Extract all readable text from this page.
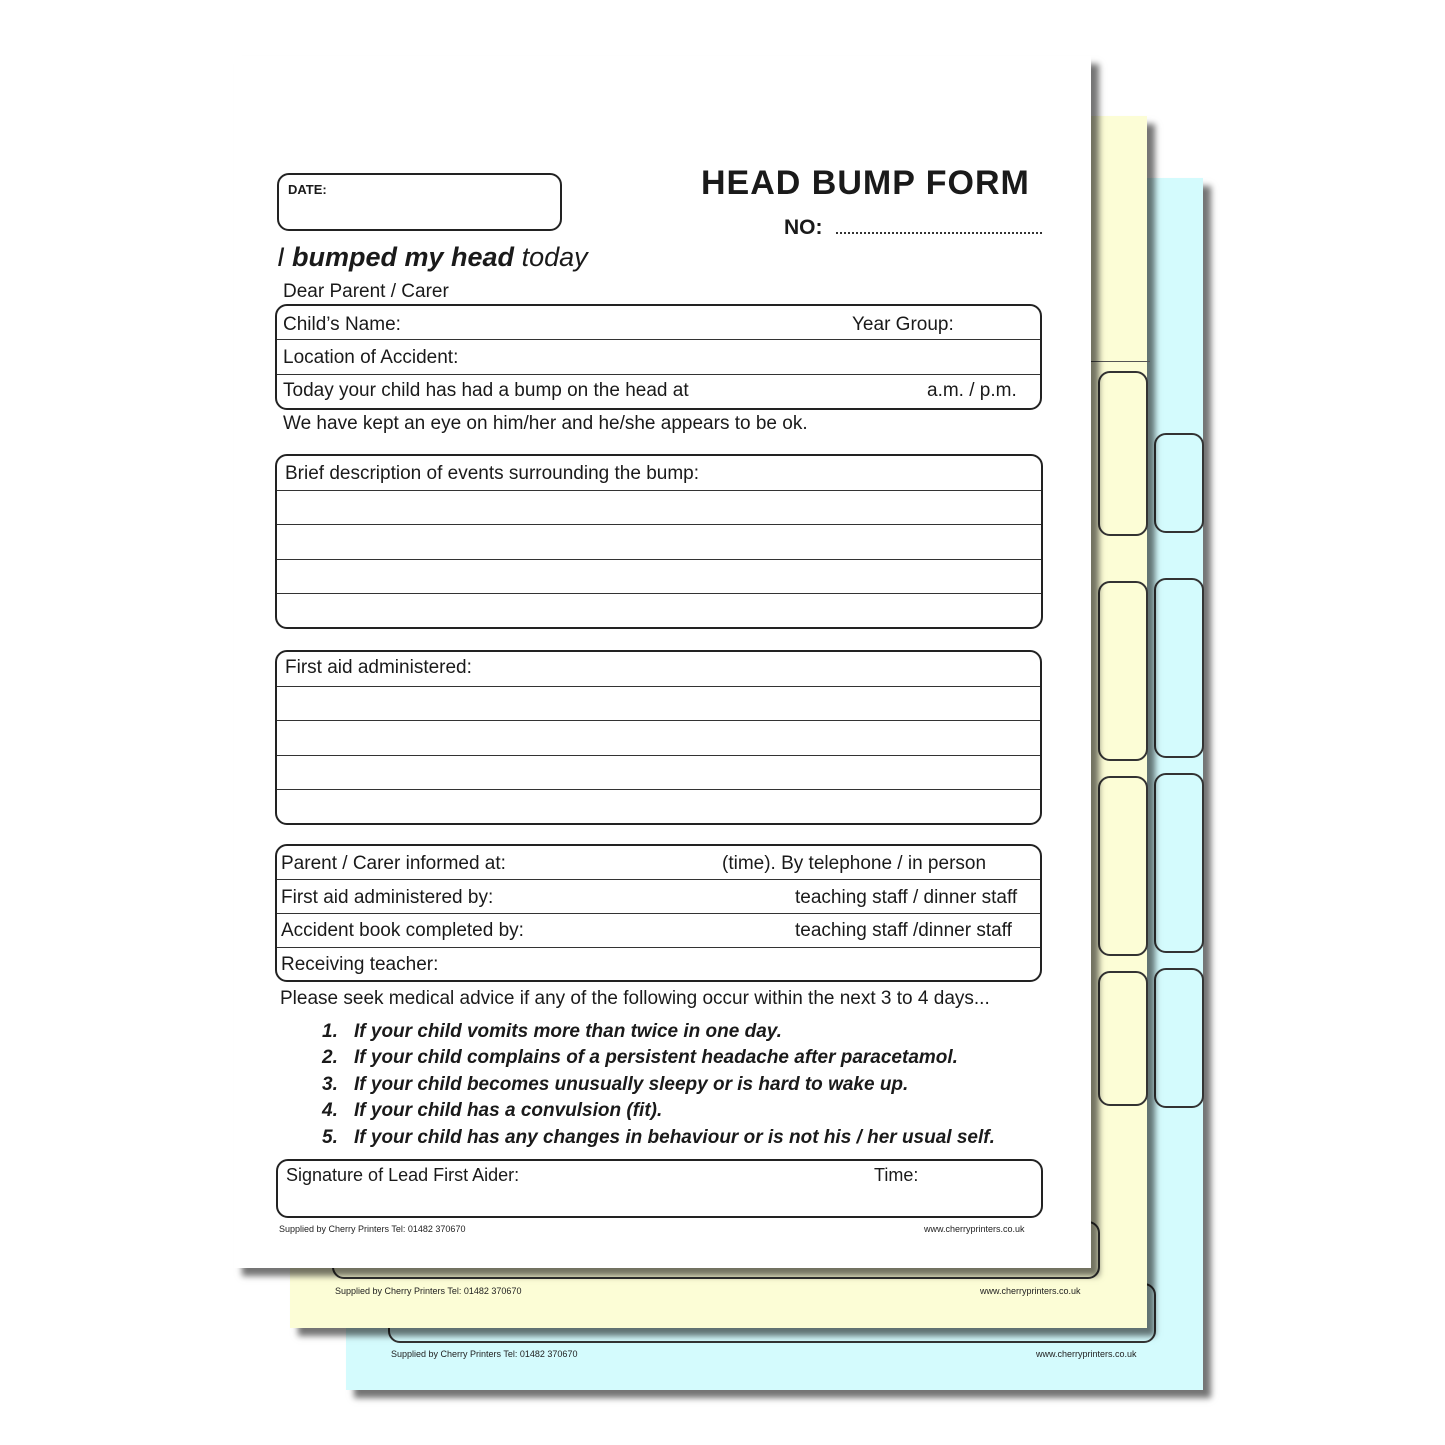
Supplied by Cherry Printers Tel: 01482 370670	www.cherryprinters.co.uk
Supplied by Cherry Printers Tel: 01482 370670	www.cherryprinters.co.uk
DATE:	HEAD BUMP FORM
NO:
I bumped my head today
Dear Parent / Carer
Child’s Name:	Year Group:
Location of Accident:
Today your child has had a bump on the head at	a.m. / p.m.
We have kept an eye on him/her and he/she appears to be ok.
Brief description of events surrounding the bump:
First aid administered:
Parent / Carer informed at:	(time). By telephone / in person
First aid administered by:	teaching staff / dinner staff
Accident book completed by:	teaching staff /dinner staff
Receiving teacher:
Please seek medical advice if any of the following occur within the next 3 to 4 days...
1. If your child vomits more than twice in one day.
2. If your child complains of a persistent headache after paracetamol.
3. If your child becomes unusually sleepy or is hard to wake up.
4. If your child has a convulsion (fit).
5. If your child has any changes in behaviour or is not his / her usual self.
Signature of Lead First Aider:	Time:
Supplied by Cherry Printers Tel: 01482 370670	www.cherryprinters.co.uk
